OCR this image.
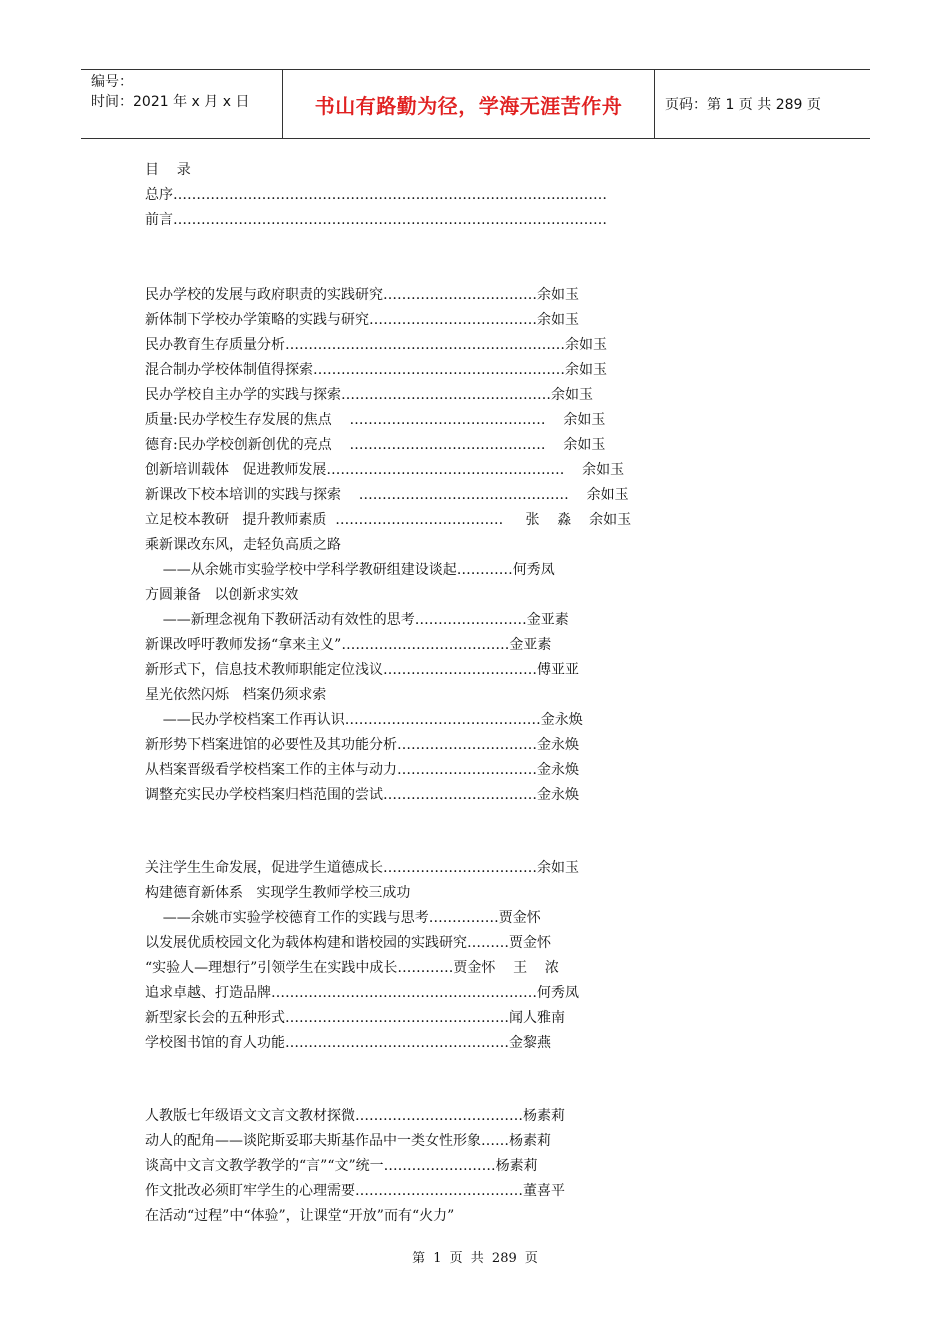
编号：
时间：2021 年 x 月 x 日	书山有路勤为径，学海无涯苦作舟	页码：第 1 页 共 289 页
目    录
总序…………………………………………………………………………………
前言…………………………………………………………………………………
民办学校的发展与政府职责的实践研究……………………………余如玉
新体制下学校办学策略的实践与研究………………………………余如玉
民办教育生存质量分析……………………………………………………余如玉
混合制办学校体制值得探索………………………………………………余如玉
民办学校自主办学的实践与探索………………………………………余如玉
质量:民办学校生存发展的焦点    ……………………………………    余如玉
德育:民办学校创新创优的亮点    ……………………………………    余如玉
创新培训载体   促进教师发展……………………………………………    余如玉
新课改下校本培训的实践与探索    ………………………………………    余如玉
立足校本教研   提升教师素质  ………………………………     张    淼    余如玉
乘新课改东风，走轻负高质之路
——从余姚市实验学校中学科学教研组建设谈起…………何秀凤
方圆兼备   以创新求实效
——新理念视角下教研活动有效性的思考……………………金亚素
新课改呼吁教师发扬“拿来主义”………………………………金亚素
新形式下，信息技术教师职能定位浅议……………………………傅亚亚
星光依然闪烁   档案仍须求索
——民办学校档案工作再认识……………………………………金永焕
新形势下档案进馆的必要性及其功能分析…………………………金永焕
从档案晋级看学校档案工作的主体与动力…………………………金永焕
调整充实民办学校档案归档范围的尝试……………………………金永焕
关注学生生命发展，促进学生道德成长……………………………余如玉
构建德育新体系   实现学生教师学校三成功
——余姚市实验学校德育工作的实践与思考……………贾金怀
以发展优质校园文化为载体构建和谐校园的实践研究………贾金怀
“实验人—理想行”引领学生在实践中成长…………贾金怀    王    浓
追求卓越、打造品牌…………………………………………………何秀凤
新型家长会的五种形式…………………………………………闻人雅南
学校图书馆的育人功能…………………………………………金黎燕
人教版七年级语文文言文教材探微………………………………杨素莉
动人的配角——谈陀斯妥耶夫斯基作品中一类女性形象……杨素莉
谈高中文言文教学教学的“言”“文”统一……………………杨素莉
作文批改必须盯牢学生的心理需要………………………………董喜平
在活动“过程”中“体验”，让课堂“开放”而有“火力”
第 1 页 共 289 页
